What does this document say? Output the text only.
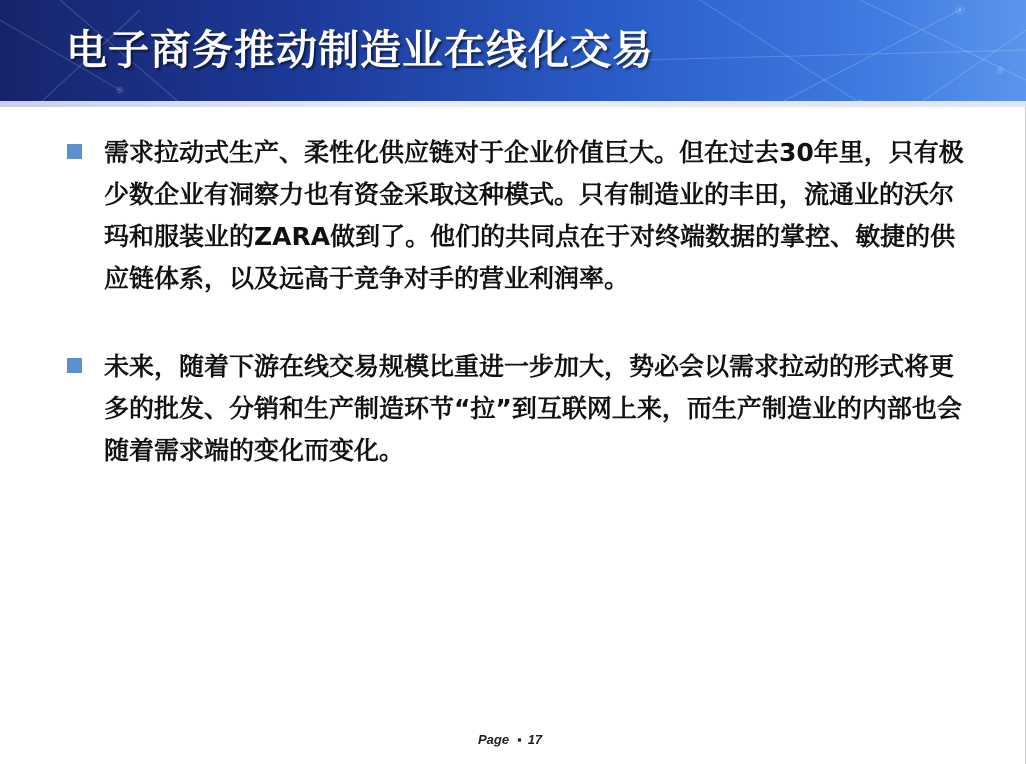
电子商务推动制造业在线化交易
需求拉动式生产、柔性化供应链对于企业价值巨大。但在过去30年里，只有极少数企业有洞察力也有资金采取这种模式。只有制造业的丰田，流通业的沃尔玛和服装业的ZARA做到了。他们的共同点在于对终端数据的掌控、敏捷的供应链体系，以及远高于竞争对手的营业利润率。
未来，随着下游在线交易规模比重进一步加大，势必会以需求拉动的形式将更多的批发、分销和生产制造环节“拉”到互联网上来，而生产制造业的内部也会随着需求端的变化而变化。
Page ▪ 17
